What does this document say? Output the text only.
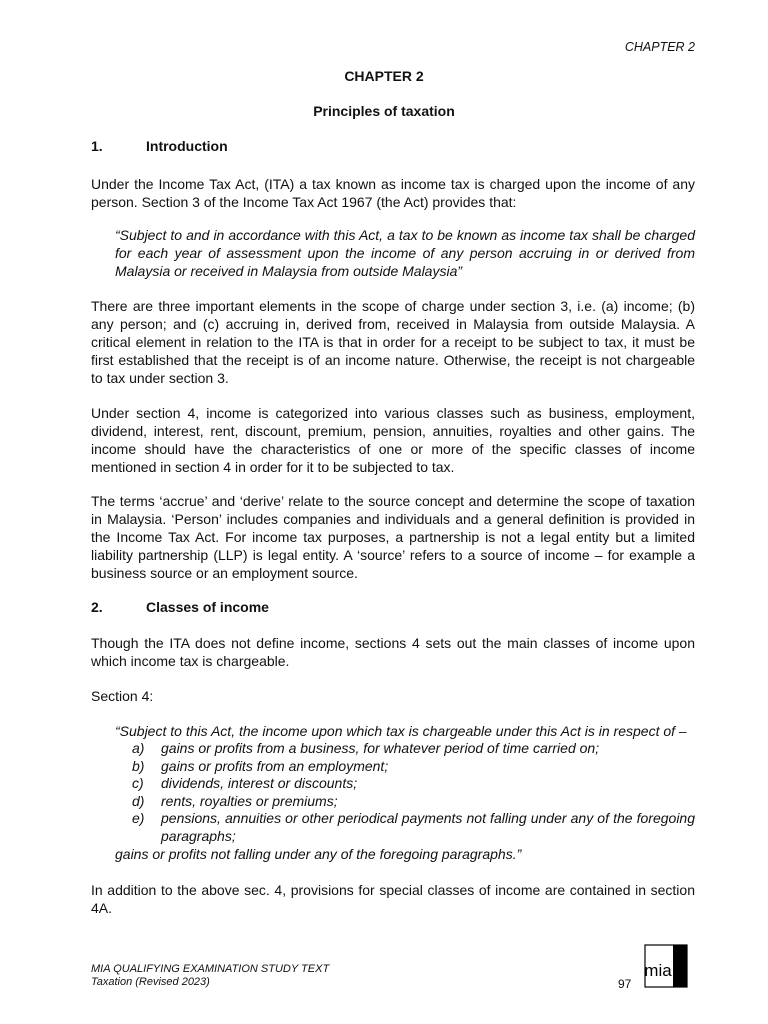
CHAPTER 2
CHAPTER 2
Principles of taxation
1.	Introduction
Under the Income Tax Act, (ITA) a tax known as income tax is charged upon the income of any person. Section 3 of the Income Tax Act 1967 (the Act) provides that:
“Subject to and in accordance with this Act, a tax to be known as income tax shall be charged for each year of assessment upon the income of any person accruing in or derived from Malaysia or received in Malaysia from outside Malaysia”
There are three important elements in the scope of charge under section 3, i.e. (a) income; (b) any person; and (c) accruing in, derived from, received in Malaysia from outside Malaysia. A critical element in relation to the ITA is that in order for a receipt to be subject to tax, it must be first established that the receipt is of an income nature. Otherwise, the receipt is not chargeable to tax under section 3.
Under section 4, income is categorized into various classes such as business, employment, dividend, interest, rent, discount, premium, pension, annuities, royalties and other gains. The income should have the characteristics of one or more of the specific classes of income mentioned in section 4 in order for it to be subjected to tax.
The terms ‘accrue’ and ‘derive’ relate to the source concept and determine the scope of taxation in Malaysia. ‘Person’ includes companies and individuals and a general definition is provided in the Income Tax Act. For income tax purposes, a partnership is not a legal entity but a limited liability partnership (LLP) is legal entity. A ‘source’ refers to a source of income – for example a business source or an employment source.
2.	Classes of income
Though the ITA does not define income, sections 4 sets out the main classes of income upon which income tax is chargeable.
Section 4:
“Subject to this Act, the income upon which tax is chargeable under this Act is in respect of –
a)	gains or profits from a business, for whatever period of time carried on;
b)	gains or profits from an employment;
c)	dividends, interest or discounts;
d)	rents, royalties or premiums;
e)	pensions, annuities or other periodical payments not falling under any of the foregoing paragraphs;
gains or profits not falling under any of the foregoing paragraphs.”
In addition to the above sec. 4, provisions for special classes of income are contained in section 4A.
MIA QUALIFYING EXAMINATION STUDY TEXT
Taxation (Revised 2023)	97
mia
